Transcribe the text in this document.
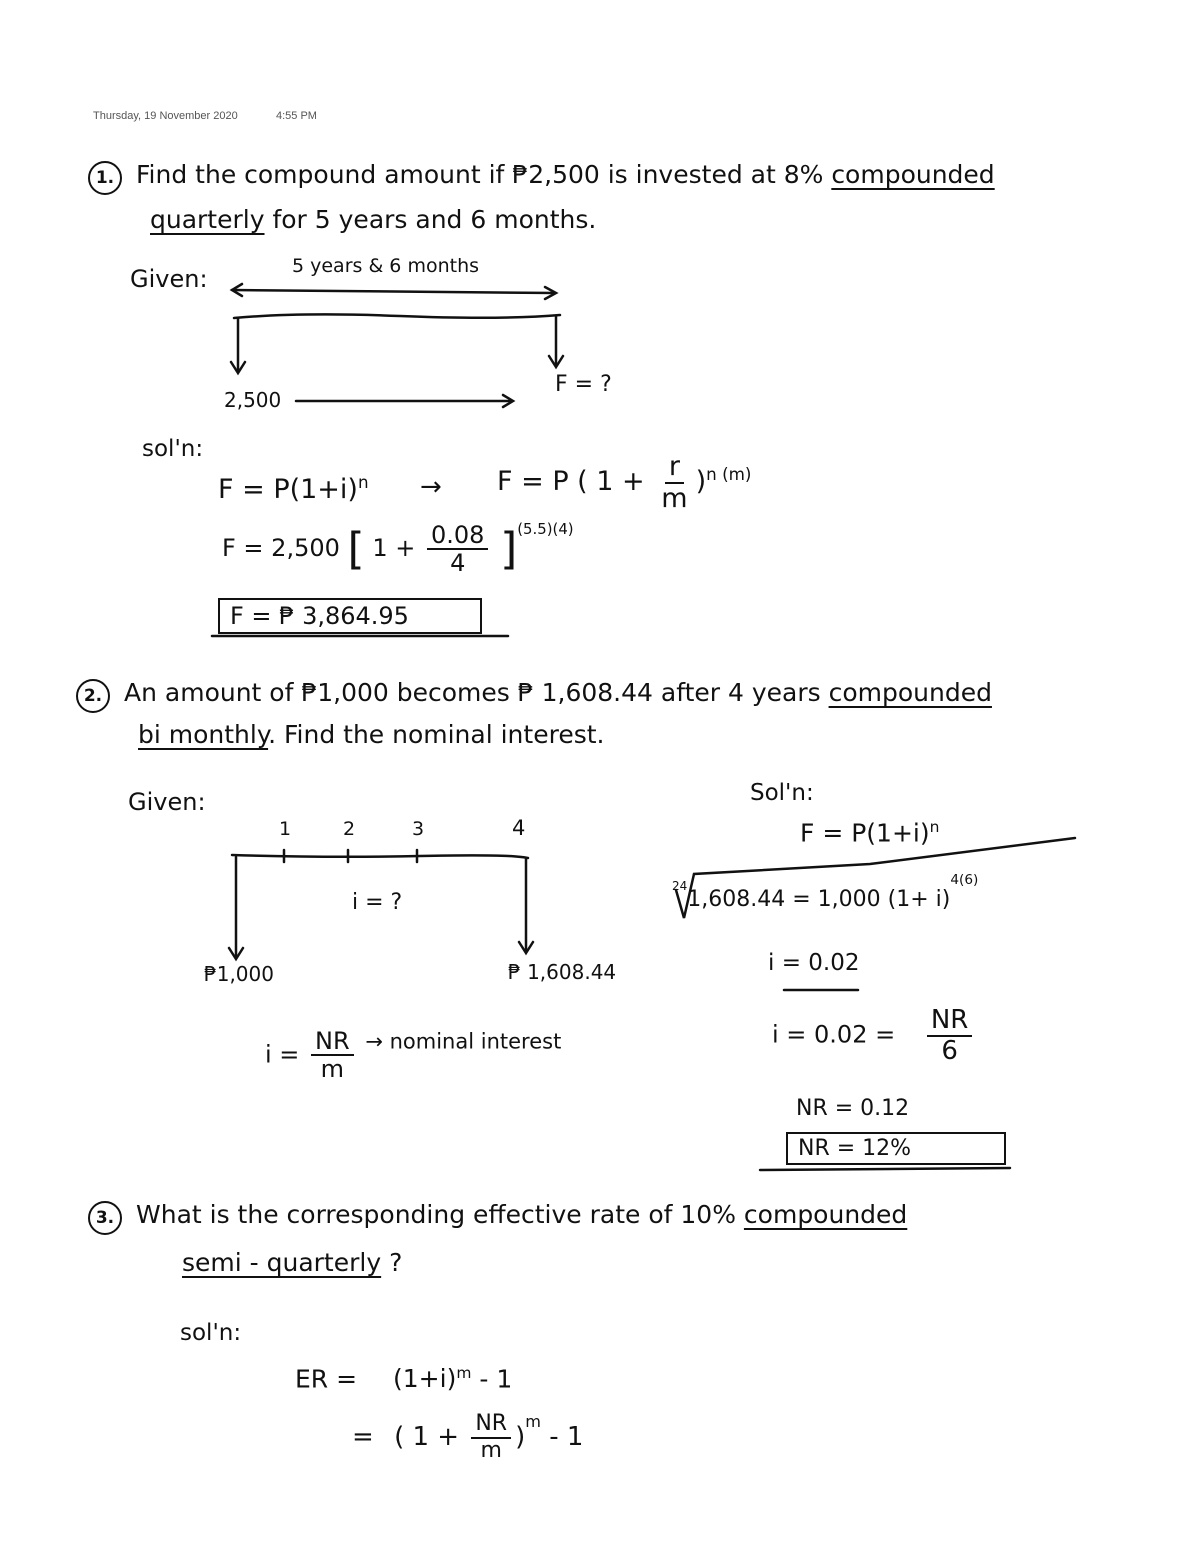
Thursday, 19 November 2020	4:55 PM
1. Find the compound amount if ₱2,500 is invested at 8% compounded
quarterly for 5 years and 6 months.
Given:	5 years & 6 months
2,500
F = ?
sol'n:
$F = P(1+i)^n \to F = P$ ( $1 + \frac{r}{m} )^{n (m)}$
F = 2,500 [ $1 + \frac{0.08}{4} ]^{(5.5)(4)}$
F = ₱ 3,864.95
2. An amount of ₱1,000 becomes ₱ 1,608.44 after 4 years compounded
bi monthly. Find the nominal interest.
Given:
1	2	3	4
i = ?
₱1,000	₱ 1,608.44
$i = \frac{NR}{m}$ → nominal interest
Sol'n:
$F = P(1+i)^n$
$^{24}$1,608.44 = 1,000 $(1+ i)^{4(6)}$
i = 0.02
$i = 0.02 = \frac{NR}{6}$
NR = 0.12
NR = 12%
3. What is the corresponding effective rate of 10% compounded
semi - quarterly ?
sol'n:
ER = $(1+i)^m - 1$
= ( $1 + \frac{NR}{m} )^m - 1$
